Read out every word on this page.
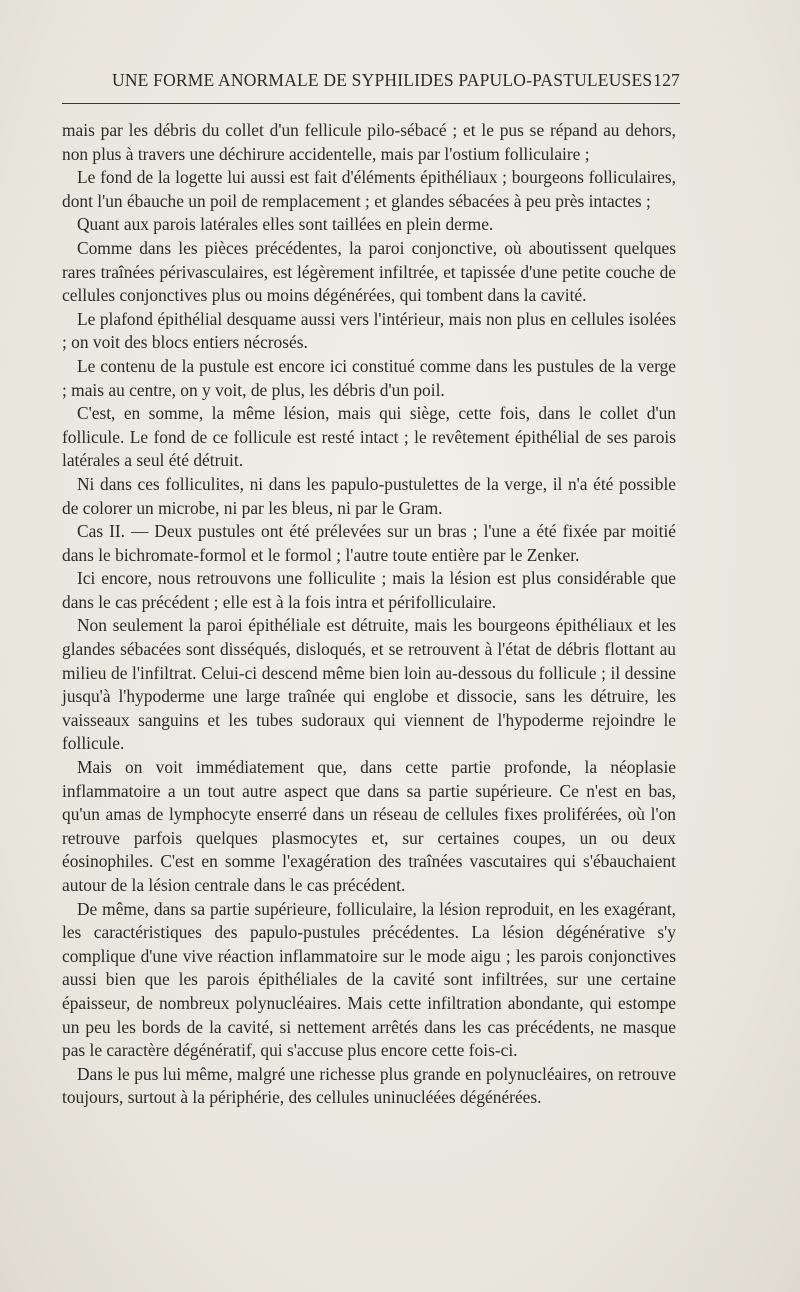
UNE FORME ANORMALE DE SYPHILIDES PAPULO-PASTULEUSES 127

mais par les débris du collet d'un fellicule pilo-sébacé ; et le pus se répand au dehors, non plus à travers une déchirure accidentelle, mais par l'ostium folliculaire ;

Le fond de la logette lui aussi est fait d'éléments épithéliaux ; bourgeons folliculaires, dont l'un ébauche un poil de remplacement ; et glandes sébacées à peu près intactes ;

Quant aux parois latérales elles sont taillées en plein derme.

Comme dans les pièces précédentes, la paroi conjonctive, où aboutissent quelques rares traînées périvasculaires, est légèrement infiltrée, et tapissée d'une petite couche de cellules conjonctives plus ou moins dégénérées, qui tombent dans la cavité.

Le plafond épithélial desquame aussi vers l'intérieur, mais non plus en cellules isolées ; on voit des blocs entiers nécrosés.

Le contenu de la pustule est encore ici constitué comme dans les pustules de la verge ; mais au centre, on y voit, de plus, les débris d'un poil.

C'est, en somme, la même lésion, mais qui siège, cette fois, dans le collet d'un follicule. Le fond de ce follicule est resté intact ; le revêtement épithélial de ses parois latérales a seul été détruit.

Ni dans ces folliculites, ni dans les papulo-pustulettes de la verge, il n'a été possible de colorer un microbe, ni par les bleus, ni par le Gram.

Cas II. — Deux pustules ont été prélevées sur un bras ; l'une a été fixée par moitié dans le bichromate-formol et le formol ; l'autre toute entière par le Zenker.

Ici encore, nous retrouvons une folliculite ; mais la lésion est plus considérable que dans le cas précédent ; elle est à la fois intra et périfolliculaire.

Non seulement la paroi épithéliale est détruite, mais les bourgeons épithéliaux et les glandes sébacées sont disséqués, disloqués, et se retrouvent à l'état de débris flottant au milieu de l'infiltrat. Celui-ci descend même bien loin au-dessous du follicule ; il dessine jusqu'à l'hypoderme une large traînée qui englobe et dissocie, sans les détruire, les vaisseaux sanguins et les tubes sudoraux qui viennent de l'hypoderme rejoindre le follicule.

Mais on voit immédiatement que, dans cette partie profonde, la néoplasie inflammatoire a un tout autre aspect que dans sa partie supérieure. Ce n'est en bas, qu'un amas de lymphocyte enserré dans un réseau de cellules fixes proliférées, où l'on retrouve parfois quelques plasmocytes et, sur certaines coupes, un ou deux éosinophiles. C'est en somme l'exagération des traînées vascutaires qui s'ébauchaient autour de la lésion centrale dans le cas précédent.

De même, dans sa partie supérieure, folliculaire, la lésion reproduit, en les exagérant, les caractéristiques des papulo-pustules précédentes. La lésion dégénérative s'y complique d'une vive réaction inflammatoire sur le mode aigu ; les parois conjonctives aussi bien que les parois épithéliales de la cavité sont infiltrées, sur une certaine épaisseur, de nombreux polynucléaires. Mais cette infiltration abondante, qui estompe un peu les bords de la cavité, si nettement arrêtés dans les cas précédents, ne masque pas le caractère dégénératif, qui s'accuse plus encore cette fois-ci.

Dans le pus lui même, malgré une richesse plus grande en polynucléaires, on retrouve toujours, surtout à la périphérie, des cellules uninucléées dégénérées.
